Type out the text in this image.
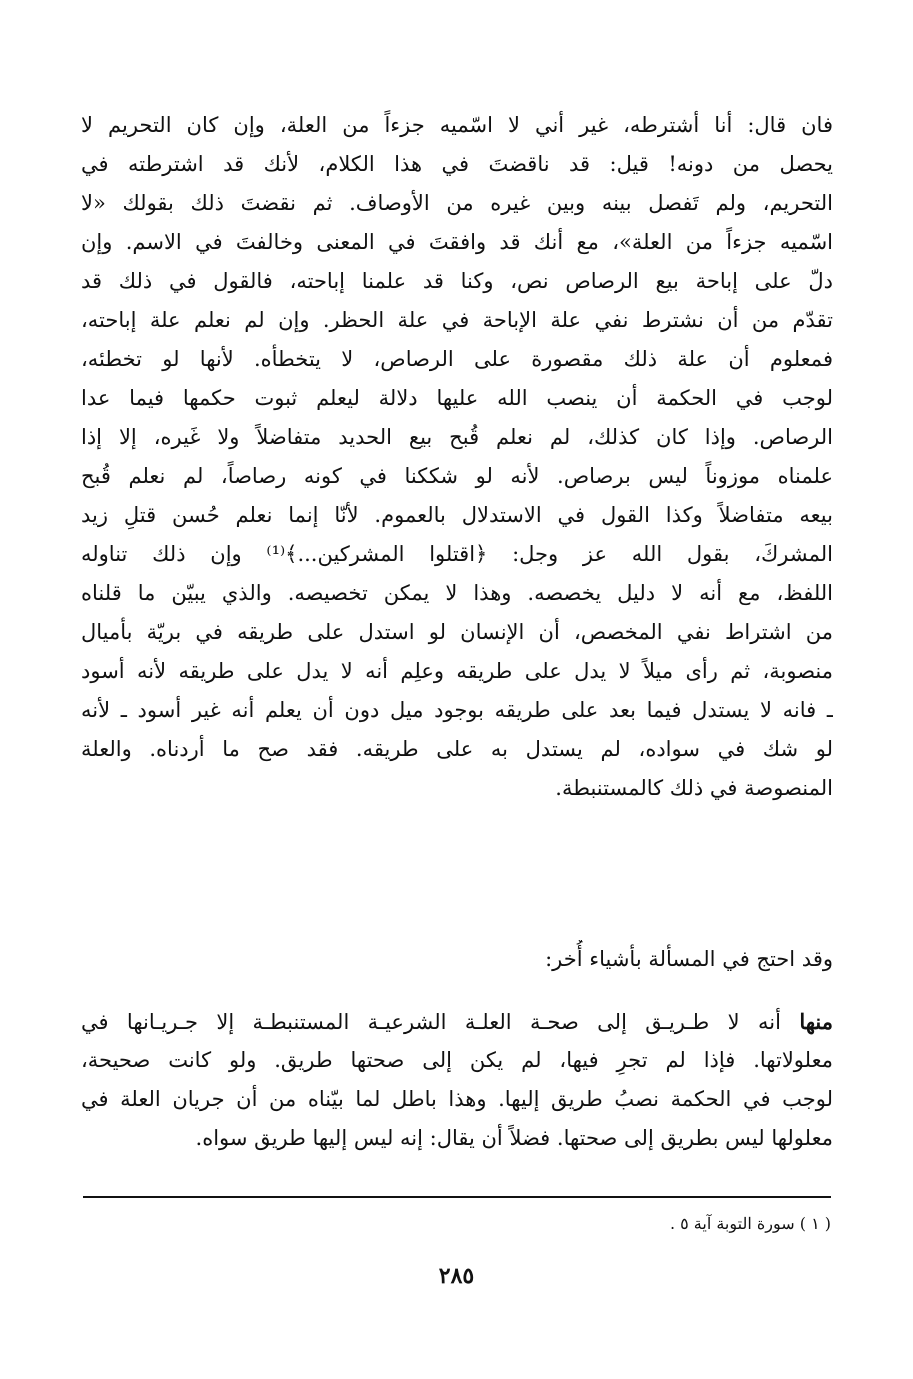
فان قال: أنا أشترطه، غير أني لا اسّميه جزءاً من العلة، وإن كان التحريم لا
يحصل من دونه! قيل: قد ناقضتَ في هذا الكلام، لأنك قد اشترطته في
التحريم، ولم تَفصل بينه وبين غيره من الأوصاف. ثم نقضتَ ذلك بقولك «لا
اسّميه جزءاً من العلة»، مع أنك قد وافقتَ في المعنى وخالفتَ في الاسم. وإن
دلّ على إباحة بيع الرصاص نص، وكنا قد علمنا إباحته، فالقول في ذلك قد
تقدّم من أن نشترط نفي علة الإباحة في علة الحظر. وإن لم نعلم علة إباحته،
فمعلوم أن علة ذلك مقصورة على الرصاص، لا يتخطأه. لأنها لو تخطئه،
لوجب في الحكمة أن ينصب الله عليها دلالة ليعلم ثبوت حكمها فيما عدا
الرصاص. وإذا كان كذلك، لم نعلم قُبح بيع الحديد متفاضلاً ولا غَيره، إلا إذا
علمناه موزوناً ليس برصاص. لأنه لو شككنا في كونه رصاصاً، لم نعلم قُبح
بيعه متفاضلاً وكذا القول في الاستدلال بالعموم. لأنّا إنما نعلم حُسن قتلِ زيد
المشركَ، بقول الله عز وجل: ﴿اقتلوا المشركين...﴾⁽¹⁾ وإن ذلك تناوله
اللفظ، مع أنه لا دليل يخصصه. وهذا لا يمكن تخصيصه. والذي يبيّن ما قلناه
من اشتراط نفي المخصص، أن الإنسان لو استدل على طريقه في بريّة بأميال
منصوبة، ثم رأى ميلاً لا يدل على طريقه وعلِم أنه لا يدل على طريقه لأنه أسود
ـ فانه لا يستدل فيما بعد على طريقه بوجود ميل دون أن يعلم أنه غير أسود ـ لأنه
لو شك في سواده، لم يستدل به على طريقه. فقد صح ما أردناه. والعلة
المنصوصة في ذلك كالمستنبطة.
وقد احتج في المسألة بأشياء أُخر:
منها أنه لا طـريـق إلى صحـة العلـة الشرعيـة المستنبطـة إلا جـريـانها في
معلولاتها. فإذا لم تجرِ فيها، لم يكن إلى صحتها طريق. ولو كانت صحيحة،
لوجب في الحكمة نصبُ طريق إليها. وهذا باطل لما بيّناه من أن جريان العلة في
معلولها ليس بطريق إلى صحتها. فضلاً أن يقال: إنه ليس إليها طريق سواه.
( ١ ) سورة التوبة آية ٥ .
٢٨٥
